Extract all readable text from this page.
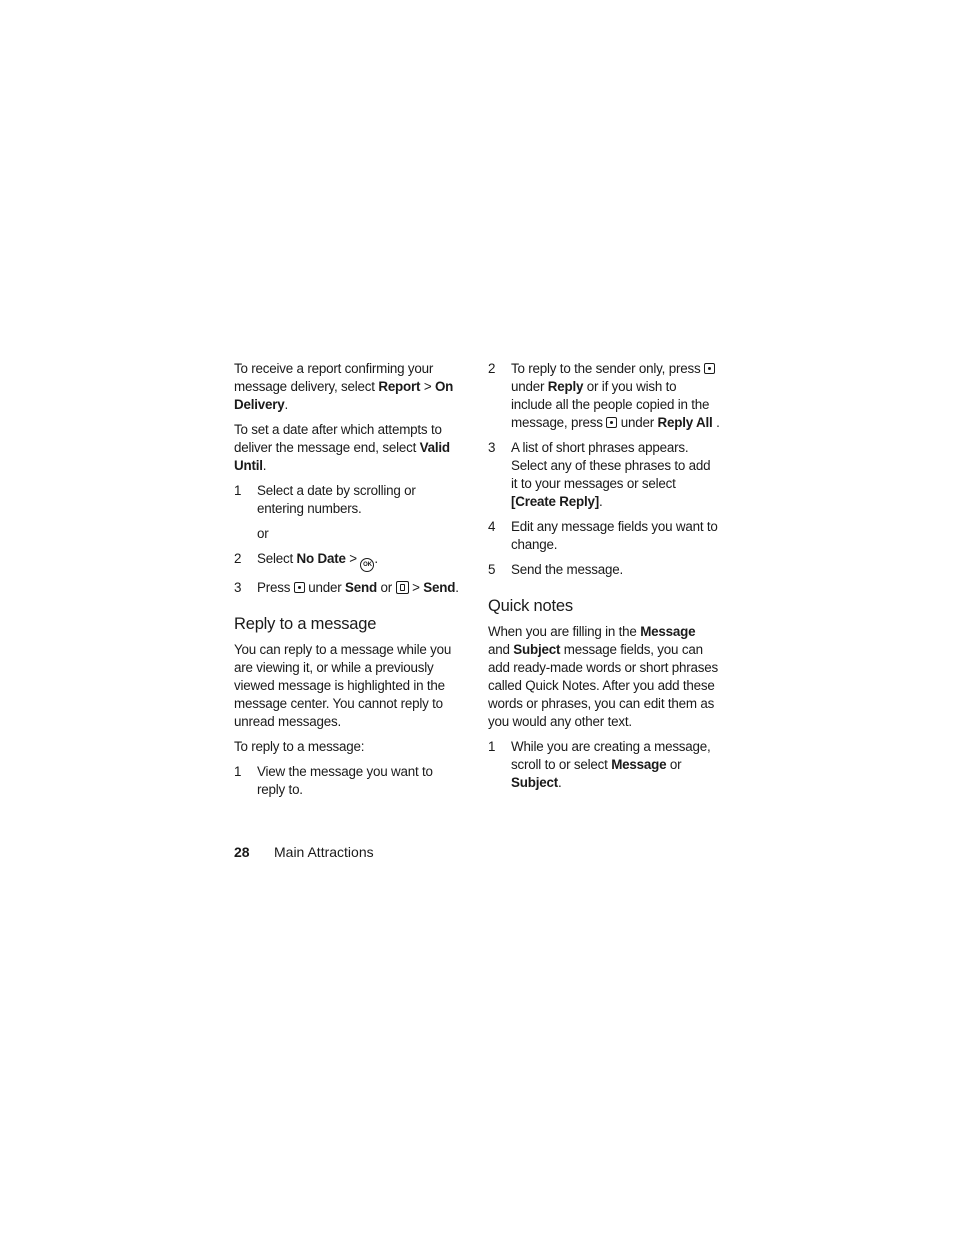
To receive a report confirming your message delivery, select Report > On Delivery.

To set a date after which attempts to deliver the message end, select Valid Until.

1 Select a date by scrolling or entering numbers.
or
2 Select No Date > OK .
3 Press  under Send or  > Send.
Reply to a message

You can reply to a message while you are viewing it, or while a previously viewed message is highlighted in the message center. You cannot reply to unread messages.

To reply to a message:

1 View the message you want to reply to.
2 To reply to the sender only, press
under Reply or if you wish to include all the people copied in the message, press  under Reply All .
3 A list of short phrases appears. Select any of these phrases to add it to your messages or select [Create Reply].
4 Edit any message fields you want to change.
5 Send the message.
Quick notes

When you are filling in the Message and Subject message fields, you can add ready-made words or short phrases called Quick Notes. After you add these words or phrases, you can edit them as you would any other text.

1 While you are creating a message, scroll to or select Message or Subject.
28 Main Attractions
